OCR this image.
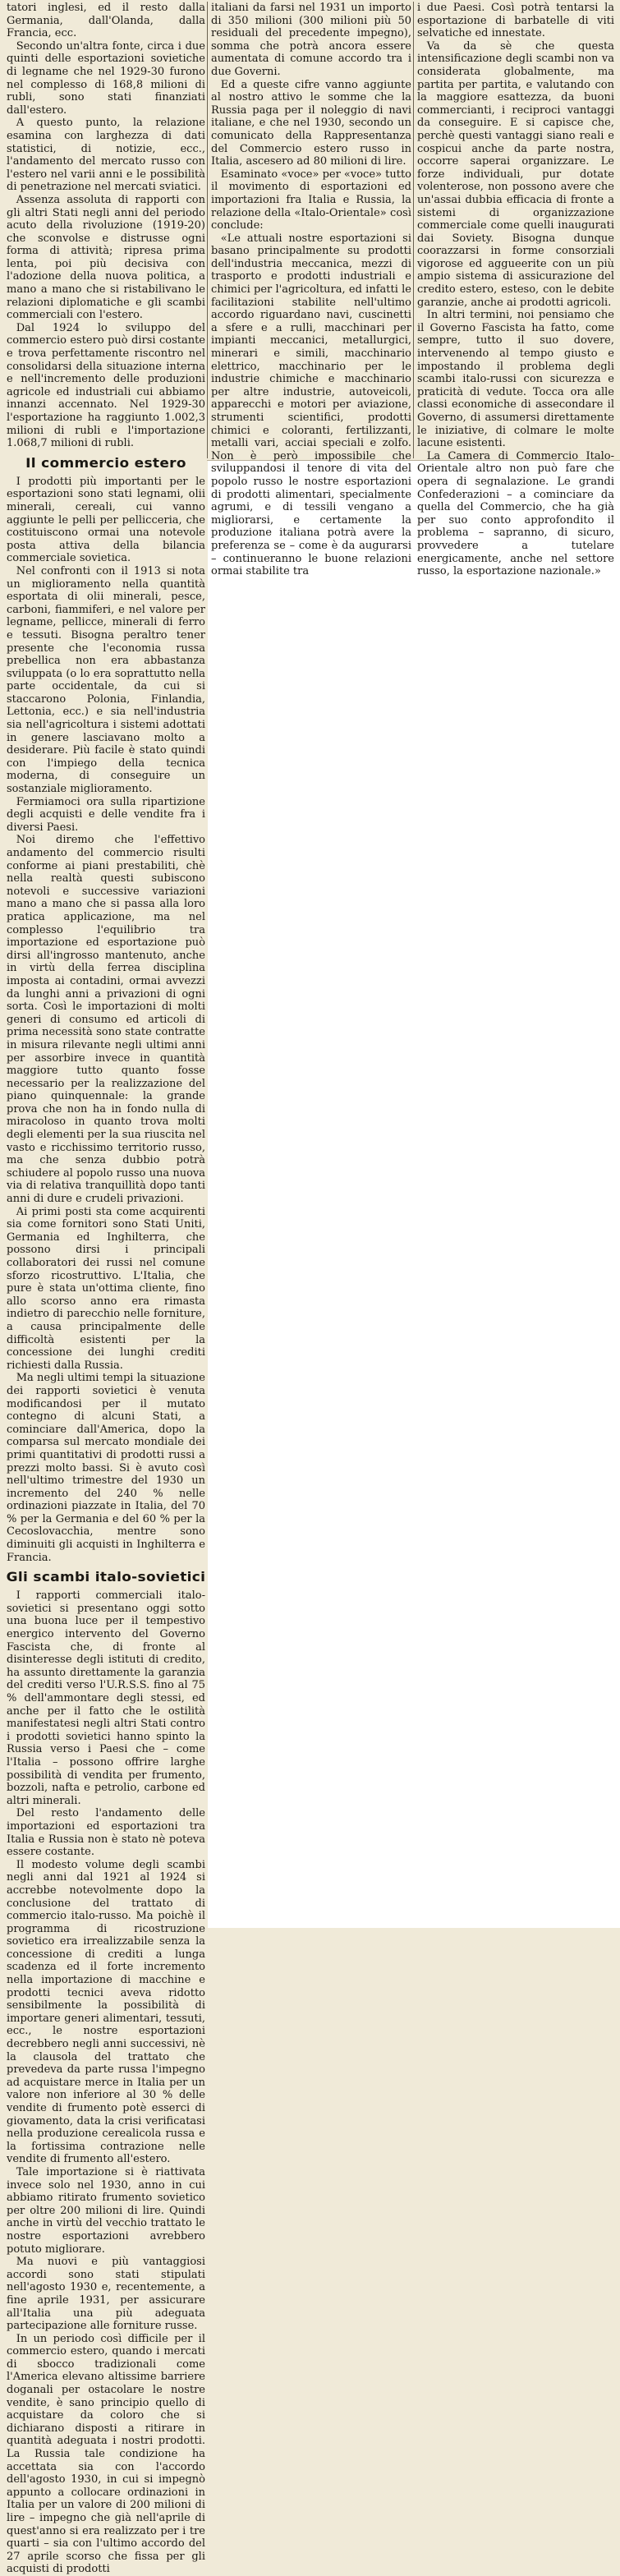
tatori inglesi, ed il resto dalla Germania, dall'Olanda, dalla Francia, ecc.

Secondo un'altra fonte, circa i due quinti delle esportazioni sovietiche di legname che nel 1929-30 furono nel complesso di 168,8 milioni di rubli, sono stati finanziati dall'estero.

A questo punto, la relazione esamina con larghezza di dati statistici, di notizie, ecc., l'andamento del mercato russo con l'estero nel varii anni e le possibilità di penetrazione nel mercati sviatici.

Assenza assoluta di rapporti con gli altri Stati negli anni del periodo acuto della rivoluzione (1919-20) che sconvolse e distrusse ogni forma di attività; ripresa prima lenta, poi più decisiva con l'adozione della nuova politica, a mano a mano che si ristabilivano le relazioni diplomatiche e gli scambi commerciali con l'estero.

Dal 1924 lo sviluppo del commercio estero può dirsi costante e trova perfettamente riscontro nel consolidarsi della situazione interna e nell'incremento delle produzioni agricole ed industriali cui abbiamo innanzi accennato. Nel 1929-30 l'esportazione ha raggiunto 1.002,3 milioni di rubli e l'importazione 1.068,7 milioni di rubli.

Il commercio estero

I prodotti più importanti per le esportazioni sono stati legnami, olii minerali, cereali, cui vanno aggiunte le pelli per pellicceria, che costituiscono ormai una notevole posta attiva della bilancia commerciale sovietica.

Nel confronti con il 1913 si nota un miglioramento nella quantità esportata di olii minerali, pesce, carboni, fiammiferi, e nel valore per legname, pellicce, minerali di ferro e tessuti. Bisogna peraltro tener presente che l'economia russa prebellica non era abbastanza sviluppata (o lo era soprattutto nella parte occidentale, da cui si staccarono Polonia, Finlandia, Lettonia, ecc.) e sia nell'industria sia nell'agricoltura i sistemi adottati in genere lasciavano molto a desiderare. Più facile è stato quindi con l'impiego della tecnica moderna, di conseguire un sostanziale miglioramento.

Fermiamoci ora sulla ripartizione degli acquisti e delle vendite fra i diversi Paesi.

Noi diremo che l'effettivo andamento del commercio risulti conforme ai piani prestabiliti, chè nella realtà questi subiscono notevoli e successive variazioni mano a mano che si passa alla loro pratica applicazione, ma nel complesso l'equilibrio tra importazione ed esportazione può dirsi all'ingrosso mantenuto, anche in virtù della ferrea disciplina imposta ai contadini, ormai avvezzi da lunghi anni a privazioni di ogni sorta. Così le importazioni di molti generi di consumo ed articoli di prima necessità sono state contratte in misura rilevante negli ultimi anni per assorbire invece in quantità maggiore tutto quanto fosse necessario per la realizzazione del piano quinquennale: la grande prova che non ha in fondo nulla di miracoloso in quanto trova molti degli elementi per la sua riuscita nel vasto e ricchissimo territorio russo, ma che senza dubbio potrà schiudere al popolo russo una nuova via di relativa tranquillità dopo tanti anni di dure e crudeli privazioni.

Ai primi posti sta come acquirenti sia come fornitori sono Stati Uniti, Germania ed Inghilterra, che possono dirsi i principali collaboratori dei russi nel comune sforzo ricostruttivo. L'Italia, che pure è stata un'ottima cliente, fino allo scorso anno era rimasta indietro di parecchio nelle forniture, a causa principalmente delle difficoltà esistenti per la concessione dei lunghi crediti richiesti dalla Russia.

Ma negli ultimi tempi la situazione dei rapporti sovietici è venuta modificandosi per il mutato contegno di alcuni Stati, a cominciare dall'America, dopo la comparsa sul mercato mondiale dei primi quantitativi di prodotti russi a prezzi molto bassi. Si è avuto così nell'ultimo trimestre del 1930 un incremento del 240 % nelle ordinazioni piazzate in Italia, del 70 % per la Germania e del 60 % per la Cecoslovacchia, mentre sono diminuiti gli acquisti in Inghilterra e Francia.

Gli scambi italo-sovietici

I rapporti commerciali italo-sovietici si presentano oggi sotto una buona luce per il tempestivo energico intervento del Governo Fascista che, di fronte al disinteresse degli istituti di credito, ha assunto direttamente la garanzia del crediti verso l'U.R.S.S. fino al 75 % dell'ammontare degli stessi, ed anche per il fatto che le ostilità manifestatesi negli altri Stati contro i prodotti sovietici hanno spinto la Russia verso i Paesi che – come l'Italia – possono offrire larghe possibilità di vendita per frumento, bozzoli, nafta e petrolio, carbone ed altri minerali.

Del resto l'andamento delle importazioni ed esportazioni tra Italia e Russia non è stato nè poteva essere costante.

Il modesto volume degli scambi negli anni dal 1921 al 1924 si accrebbe notevolmente dopo la conclusione del trattato di commercio italo-russo. Ma poichè il programma di ricostruzione sovietico era irrealizzabile senza la concessione di crediti a lunga scadenza ed il forte incremento nella importazione di macchine e prodotti tecnici aveva ridotto sensibilmente la possibilità di importare generi alimentari, tessuti, ecc., le nostre esportazioni decrebbero negli anni successivi, nè la clausola del trattato che prevedeva da parte russa l'impegno ad acquistare merce in Italia per un valore non inferiore al 30 % delle vendite di frumento potè esserci di giovamento, data la crisi verificatasi nella produzione cerealicola russa e la fortissima contrazione nelle vendite di frumento all'estero.

Tale importazione si è riattivata invece solo nel 1930, anno in cui abbiamo ritirato frumento sovietico per oltre 200 milioni di lire. Quindi anche in virtù del vecchio trattato le nostre esportazioni avrebbero potuto migliorare.

Ma nuovi e più vantaggiosi accordi sono stati stipulati nell'agosto 1930 e, recentemente, a fine aprile 1931, per assicurare all'Italia una più adeguata partecipazione alle forniture russe.

In un periodo così difficile per il commercio estero, quando i mercati di sbocco tradizionali come l'America elevano altissime barriere doganali per ostacolare le nostre vendite, è sano principio quello di acquistare da coloro che si dichiarano disposti a ritirare in quantità adeguata i nostri prodotti. La Russia tale condizione ha accettata sia con l'accordo dell'agosto 1930, in cui si impegnò appunto a collocare ordinazioni in Italia per un valore di 200 milioni di lire – impegno che già nell'aprile di quest'anno si era realizzato per i tre quarti – sia con l'ultimo accordo del 27 aprile scorso che fissa per gli acquisti di prodotti

italiani da farsi nel 1931 un importo di 350 milioni (300 milioni più 50 residuali del precedente impegno), somma che potrà ancora essere aumentata di comune accordo tra i due Governi.

Ed a queste cifre vanno aggiunte al nostro attivo le somme che la Russia paga per il noleggio di navi italiane, e che nel 1930, secondo un comunicato della Rappresentanza del Commercio estero russo in Italia, ascesero ad 80 milioni di lire.

Esaminato «voce» per «voce» tutto il movimento di esportazioni ed importazioni fra Italia e Russia, la relazione della «Italo-Orientale» così conclude:

«Le attuali nostre esportazioni si basano principalmente su prodotti dell'industria meccanica, mezzi di trasporto e prodotti industriali e chimici per l'agricoltura, ed infatti le facilitazioni stabilite nell'ultimo accordo riguardano navi, cuscinetti a sfere e a rulli, macchinari per impianti meccanici, metallurgici, minerari e simili, macchinario elettrico, macchinario per le industrie chimiche e macchinario per altre industrie, autoveicoli, apparecchi e motori per aviazione, strumenti scientifici, prodotti chimici e coloranti, fertilizzanti, metalli vari, acciai speciali e zolfo. Non è però impossibile che sviluppandosi il tenore di vita del popolo russo le nostre esportazioni di prodotti alimentari, specialmente agrumi, e di tessili vengano a migliorarsi, e certamente la produzione italiana potrà avere la preferenza se – come è da augurarsi – continueranno le buone relazioni ormai stabilite tra

i due Paesi. Così potrà tentarsi la esportazione di barbatelle di viti selvatiche ed innestate.

Va da sè che questa intensificazione degli scambi non va considerata globalmente, ma partita per partita, e valutando con la maggiore esattezza, da buoni commercianti, i reciproci vantaggi da conseguire. E si capisce che, perchè questi vantaggi siano reali e cospicui anche da parte nostra, occorre saperai organizzare. Le forze individuali, pur dotate volenterose, non possono avere che un'assai dubbia efficacia di fronte a sistemi di organizzazione commerciale come quelli inaugurati dai Soviety. Bisogna dunque coorazzarsi in forme consorziali vigorose ed aggueerite con un più ampio sistema di assicurazione del credito estero, esteso, con le debite garanzie, anche ai prodotti agricoli.

In altri termini, noi pensiamo che il Governo Fascista ha fatto, come sempre, tutto il suo dovere, intervenendo al tempo giusto e impostando il problema degli scambi italo-russi con sicurezza e praticità di vedute. Tocca ora alle classi economiche di assecondare il Governo, di assumersi direttamente le iniziative, di colmare le molte lacune esistenti.

La Camera di Commercio Italo-Orientale altro non può fare che opera di segnalazione. Le grandi Confederazioni – a cominciare da quella del Commercio, che ha già per suo conto approfondito il problema – sapranno, di sicuro, provvedere a tutelare energicamente, anche nel settore russo, la esportazione nazionale.»
